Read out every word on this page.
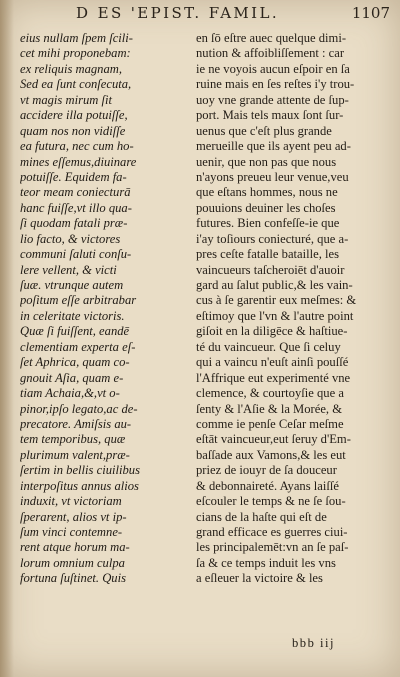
D ES 'EPIST. FAMIL.	1107
eius nullam ſpem ſcili-
cet mihi proponebam:
ex reliquis magnam,
Sed ea ſunt conſecuta,
vt magis mirum ſit
accidere illa potuiſſe,
quam nos non vidiſſe
ea futura, nec cum ho-
mines eſſemus,diuinare
potuiſſe. Equidem fa-
teor meam coniecturā
hanc fuiſſe,vt illo qua-
ſi quodam fatali præ-
lio facto, & victores
communi ſaluti conſu-
lere vellent, & victi
ſuæ. vtrunque autem
poſitum eſſe arbitrabar
in celeritate victoris.
Quæ ſi fuiſſent, eandē
clementiam experta eſ-
ſet Aphrica, quam co-
gnouit Aſia, quam e-
tiam Achaia,&,vt o-
pinor,ipſo legato,ac de-
precatore. Amiſsis au-
tem temporibus, quæ
plurimum valent,præ-
ſertim in bellis ciuilibus
interpoſitus annus alios
induxit, vt victoriam
ſperarent, alios vt ip-
ſum vinci contemne-
rent atque horum ma-
lorum omnium culpa
fortuna ſuſtinet. Quis
en ſō eſtre auec quelque dimi-
nution & affoibliſſement : car
ie ne voyois aucun eſpoir en ſa
ruine mais en ſes reſtes i'y trou-
uoy vne grande attente de ſup-
port. Mais tels maux ſont ſur-
uenus que c'eſt plus grande
merueille que ils ayent peu ad-
uenir, que non pas que nous
n'ayons preueu leur venue,veu
que eſtans hommes, nous ne
pouuions deuiner les choſes
futures. Bien confeſſe-ie que
i'ay toſiours coniecturé, que a-
pres ceſte fatalle bataille, les
vaincueurs taſcheroiēt d'auoir
gard au ſalut public,& les vain-
cus à ſe garentir eux meſmes: &
eſtimoy que l'vn & l'autre point
giſoit en la diligēce & haſtiue-
té du vaincueur. Que ſi celuy
qui a vaincu n'euſt ainſi pouſſé
l'Affrique eut experimenté vne
clemence, & courtoyſie que a
ſenty & l'Aſie & la Morée, &
comme ie penſe Ceſar meſme
eſtāt vaincueur,eut ſeruy d'Em-
baſſade aux Vamons,& les eut
priez de iouyr de ſa douceur
& debonnaireté. Ayans laiſſé
eſcouler le temps & ne ſe ſou-
cians de la haſte qui eſt de
grand efficace es guerres ciui-
les principalemēt:vn an ſe paſ-
ſa & ce temps induit les vns
a eſleuer la victoire & les
bbb iij
